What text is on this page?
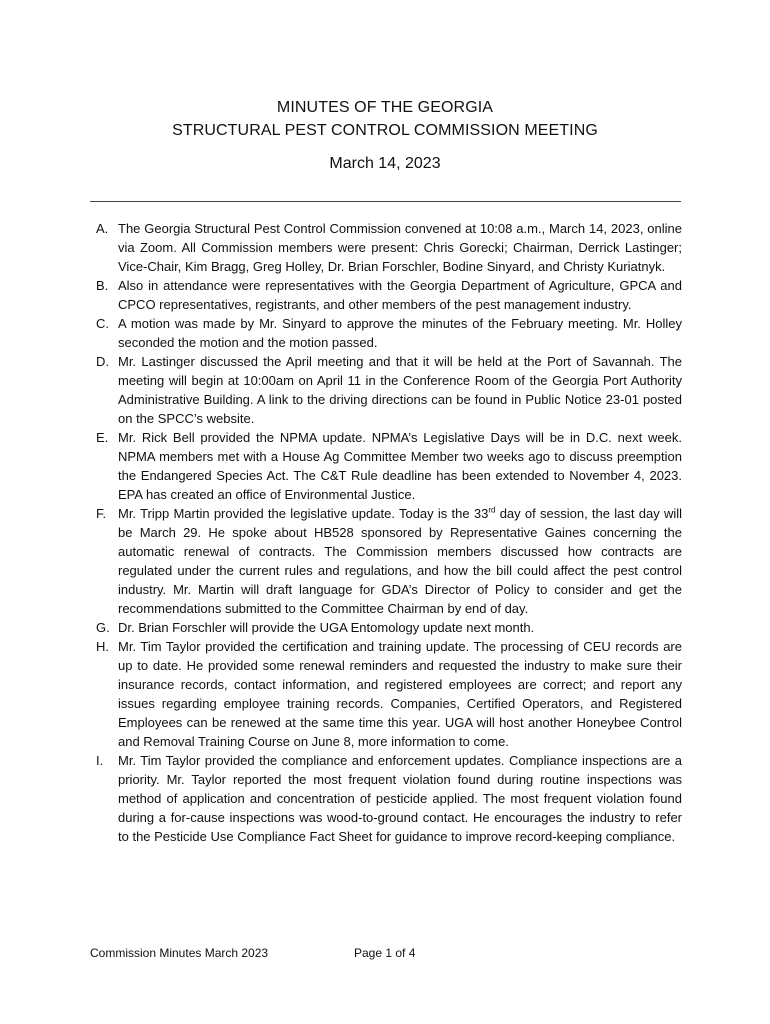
MINUTES OF THE GEORGIA
STRUCTURAL PEST CONTROL COMMISSION MEETING
March 14, 2023
A. The Georgia Structural Pest Control Commission convened at 10:08 a.m., March 14, 2023, online via Zoom. All Commission members were present: Chris Gorecki; Chairman, Derrick Lastinger; Vice-Chair, Kim Bragg, Greg Holley, Dr. Brian Forschler, Bodine Sinyard, and Christy Kuriatnyk.
B. Also in attendance were representatives with the Georgia Department of Agriculture, GPCA and CPCO representatives, registrants, and other members of the pest management industry.
C. A motion was made by Mr. Sinyard to approve the minutes of the February meeting. Mr. Holley seconded the motion and the motion passed.
D. Mr. Lastinger discussed the April meeting and that it will be held at the Port of Savannah. The meeting will begin at 10:00am on April 11 in the Conference Room of the Georgia Port Authority Administrative Building. A link to the driving directions can be found in Public Notice 23-01 posted on the SPCC’s website.
E. Mr. Rick Bell provided the NPMA update. NPMA’s Legislative Days will be in D.C. next week. NPMA members met with a House Ag Committee Member two weeks ago to discuss preemption the Endangered Species Act. The C&T Rule deadline has been extended to November 4, 2023. EPA has created an office of Environmental Justice.
F. Mr. Tripp Martin provided the legislative update. Today is the 33rd day of session, the last day will be March 29. He spoke about HB528 sponsored by Representative Gaines concerning the automatic renewal of contracts. The Commission members discussed how contracts are regulated under the current rules and regulations, and how the bill could affect the pest control industry. Mr. Martin will draft language for GDA’s Director of Policy to consider and get the recommendations submitted to the Committee Chairman by end of day.
G. Dr. Brian Forschler will provide the UGA Entomology update next month.
H. Mr. Tim Taylor provided the certification and training update. The processing of CEU records are up to date. He provided some renewal reminders and requested the industry to make sure their insurance records, contact information, and registered employees are correct; and report any issues regarding employee training records. Companies, Certified Operators, and Registered Employees can be renewed at the same time this year. UGA will host another Honeybee Control and Removal Training Course on June 8, more information to come.
I. Mr. Tim Taylor provided the compliance and enforcement updates. Compliance inspections are a priority. Mr. Taylor reported the most frequent violation found during routine inspections was method of application and concentration of pesticide applied. The most frequent violation found during a for-cause inspections was wood-to-ground contact. He encourages the industry to refer to the Pesticide Use Compliance Fact Sheet for guidance to improve record-keeping compliance.
Commission Minutes March 2023	Page 1 of 4
